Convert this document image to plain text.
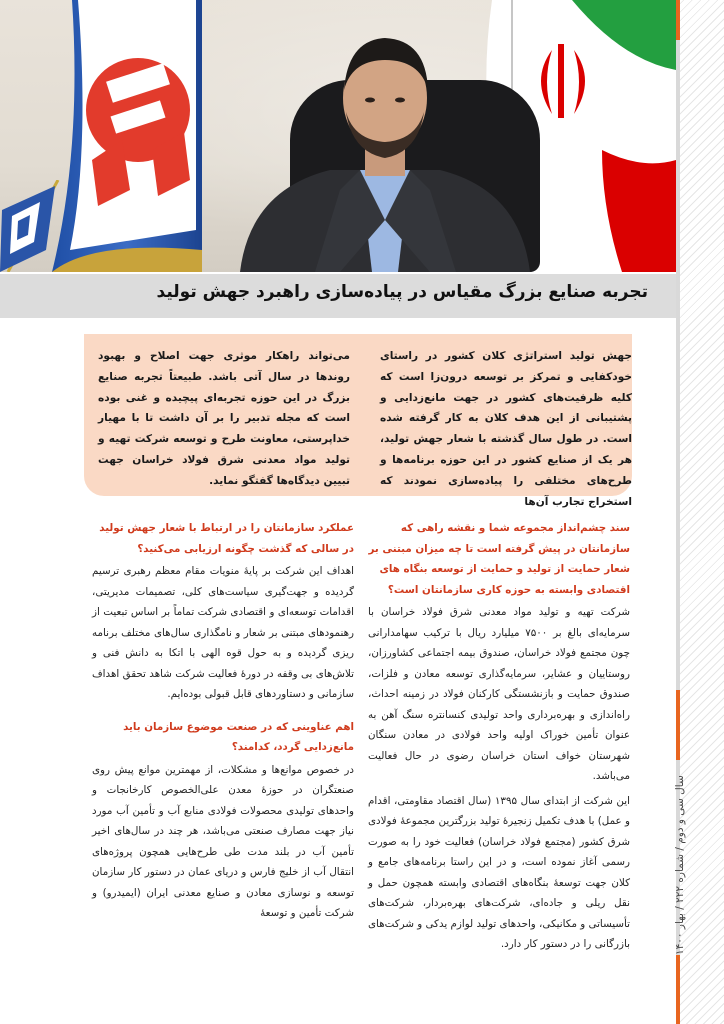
سال سی و دوم / شماره ۲۲۲ / بهار ۱۴۰۰
تجربه صنایع بزرگ مقیاس در پیاده‌سازی راهبرد جهش تولید

جهش تولید استراتژی کلان کشور در راستای خودکفایی و تمرکز بر توسعه درون‌زا است که کلیه ظرفیت‌های کشور در جهت مانع‌زدایی و پشتیبانی از این هدف کلان به کار گرفته شده است. در طول سال گذشته با شعار جهش تولید، هر یک از صنایع کشور در این حوزه برنامه‌ها و طرح‌های مختلفی را پیاده‌سازی نمودند که استخراج تجارب آن‌ها

می‌تواند راهکار موثری جهت اصلاح و بهبود روندها در سال آتی باشد. طبیعتاً تجربه صنایع بزرگ در این حوزه تجربه‌ای پیچیده و غنی بوده است که مجله تدبیر را بر آن داشت تا با مهیار خداپرستی، معاونت طرح و توسعه شرکت تهیه و تولید مواد معدنی شرق فولاد خراسان جهت تبیین دیدگاه‌ها گفتگو نماید.

سند چشم‌انداز مجموعه شما و نقشه راهی که سازمانتان در پیش گرفته است تا چه میزان مبتنی بر شعار حمایت از تولید و حمایت از توسعه بنگاه های اقتصادی وابسته به حوزه کاری سازمانتان است؟

شرکت تهیه و تولید مواد معدنی شرق فولاد خراسان با سرمایه‌ای بالغ بر ۷۵۰۰ میلیارد ریال با ترکیب سهامدارانی چون مجتمع فولاد خراسان، صندوق بیمه اجتماعی کشاورزان، روستاییان و عشایر، سرمایه‌گذاری توسعه معادن و فلزات، صندوق حمایت و بازنشستگی کارکنان فولاد در زمینه احداث، راه‌اندازی و بهره‌برداری واحد تولیدی کنسانتره سنگ آهن به عنوان تأمین خوراک اولیه واحد فولادی در معادن سنگان شهرستان خواف استان خراسان رضوی در حال فعالیت می‌باشد.

این شرکت از ابتدای سال ۱۳۹۵ (سال اقتصاد مقاومتی، اقدام و عمل) با هدف تکمیل زنجیرهٔ تولید بزرگترین مجموعهٔ فولادی شرق کشور (مجتمع فولاد خراسان) فعالیت خود را به صورت رسمی آغاز نموده است، و در این راستا برنامه‌های جامع و کلان جهت توسعهٔ بنگاه‌های اقتصادی وابسته همچون حمل و نقل ریلی و جاده‌ای، شرکت‌های بهره‌بردار، شرکت‌های تأسیساتی و مکانیکی، واحدهای تولید لوازم یدکی و شرکت‌های بازرگانی را در دستور کار دارد.

عملکرد سازمانتان را در ارتباط با شعار جهش تولید در سالی که گذشت چگونه ارزیابی می‌کنید؟

اهداف این شرکت بر پایهٔ منویات مقام معظم رهبری ترسیم گردیده و جهت‌گیری سیاست‌های کلی، تصمیمات مدیریتی، اقدامات توسعه‌ای و اقتصادی شرکت تماماً بر اساس تبعیت از رهنمودهای مبتنی بر شعار و نامگذاری سال‌های مختلف برنامه ریزی گردیده و به حول قوه الهی با اتکا به دانش فنی و تلاش‌های بی وقفه در دورهٔ فعالیت شرکت شاهد تحقق اهداف سازمانی و دستاوردهای قابل قبولی بوده‌ایم.

اهم عناوینی که در صنعت موضوع سازمان باید مانع‌زدایی گردد، کدامند؟

در خصوص موانع‌ها و مشکلات، از مهمترین موانع پیش روی صنعتگران در حوزهٔ معدن علی‌الخصوص کارخانجات و واحدهای تولیدی محصولات فولادی منابع آب و تأمین آب مورد نیاز جهت مصارف صنعتی می‌باشد، هر چند در سال‌های اخیر تأمین آب در بلند مدت طی طرح‌هایی همچون پروژه‌های انتقال آب از خلیج فارس و دریای عمان در دستور کار سازمان توسعه و نوسازی معادن و صنایع معدنی ایران (ایمیدرو) و شرکت تأمین و توسعهٔ
